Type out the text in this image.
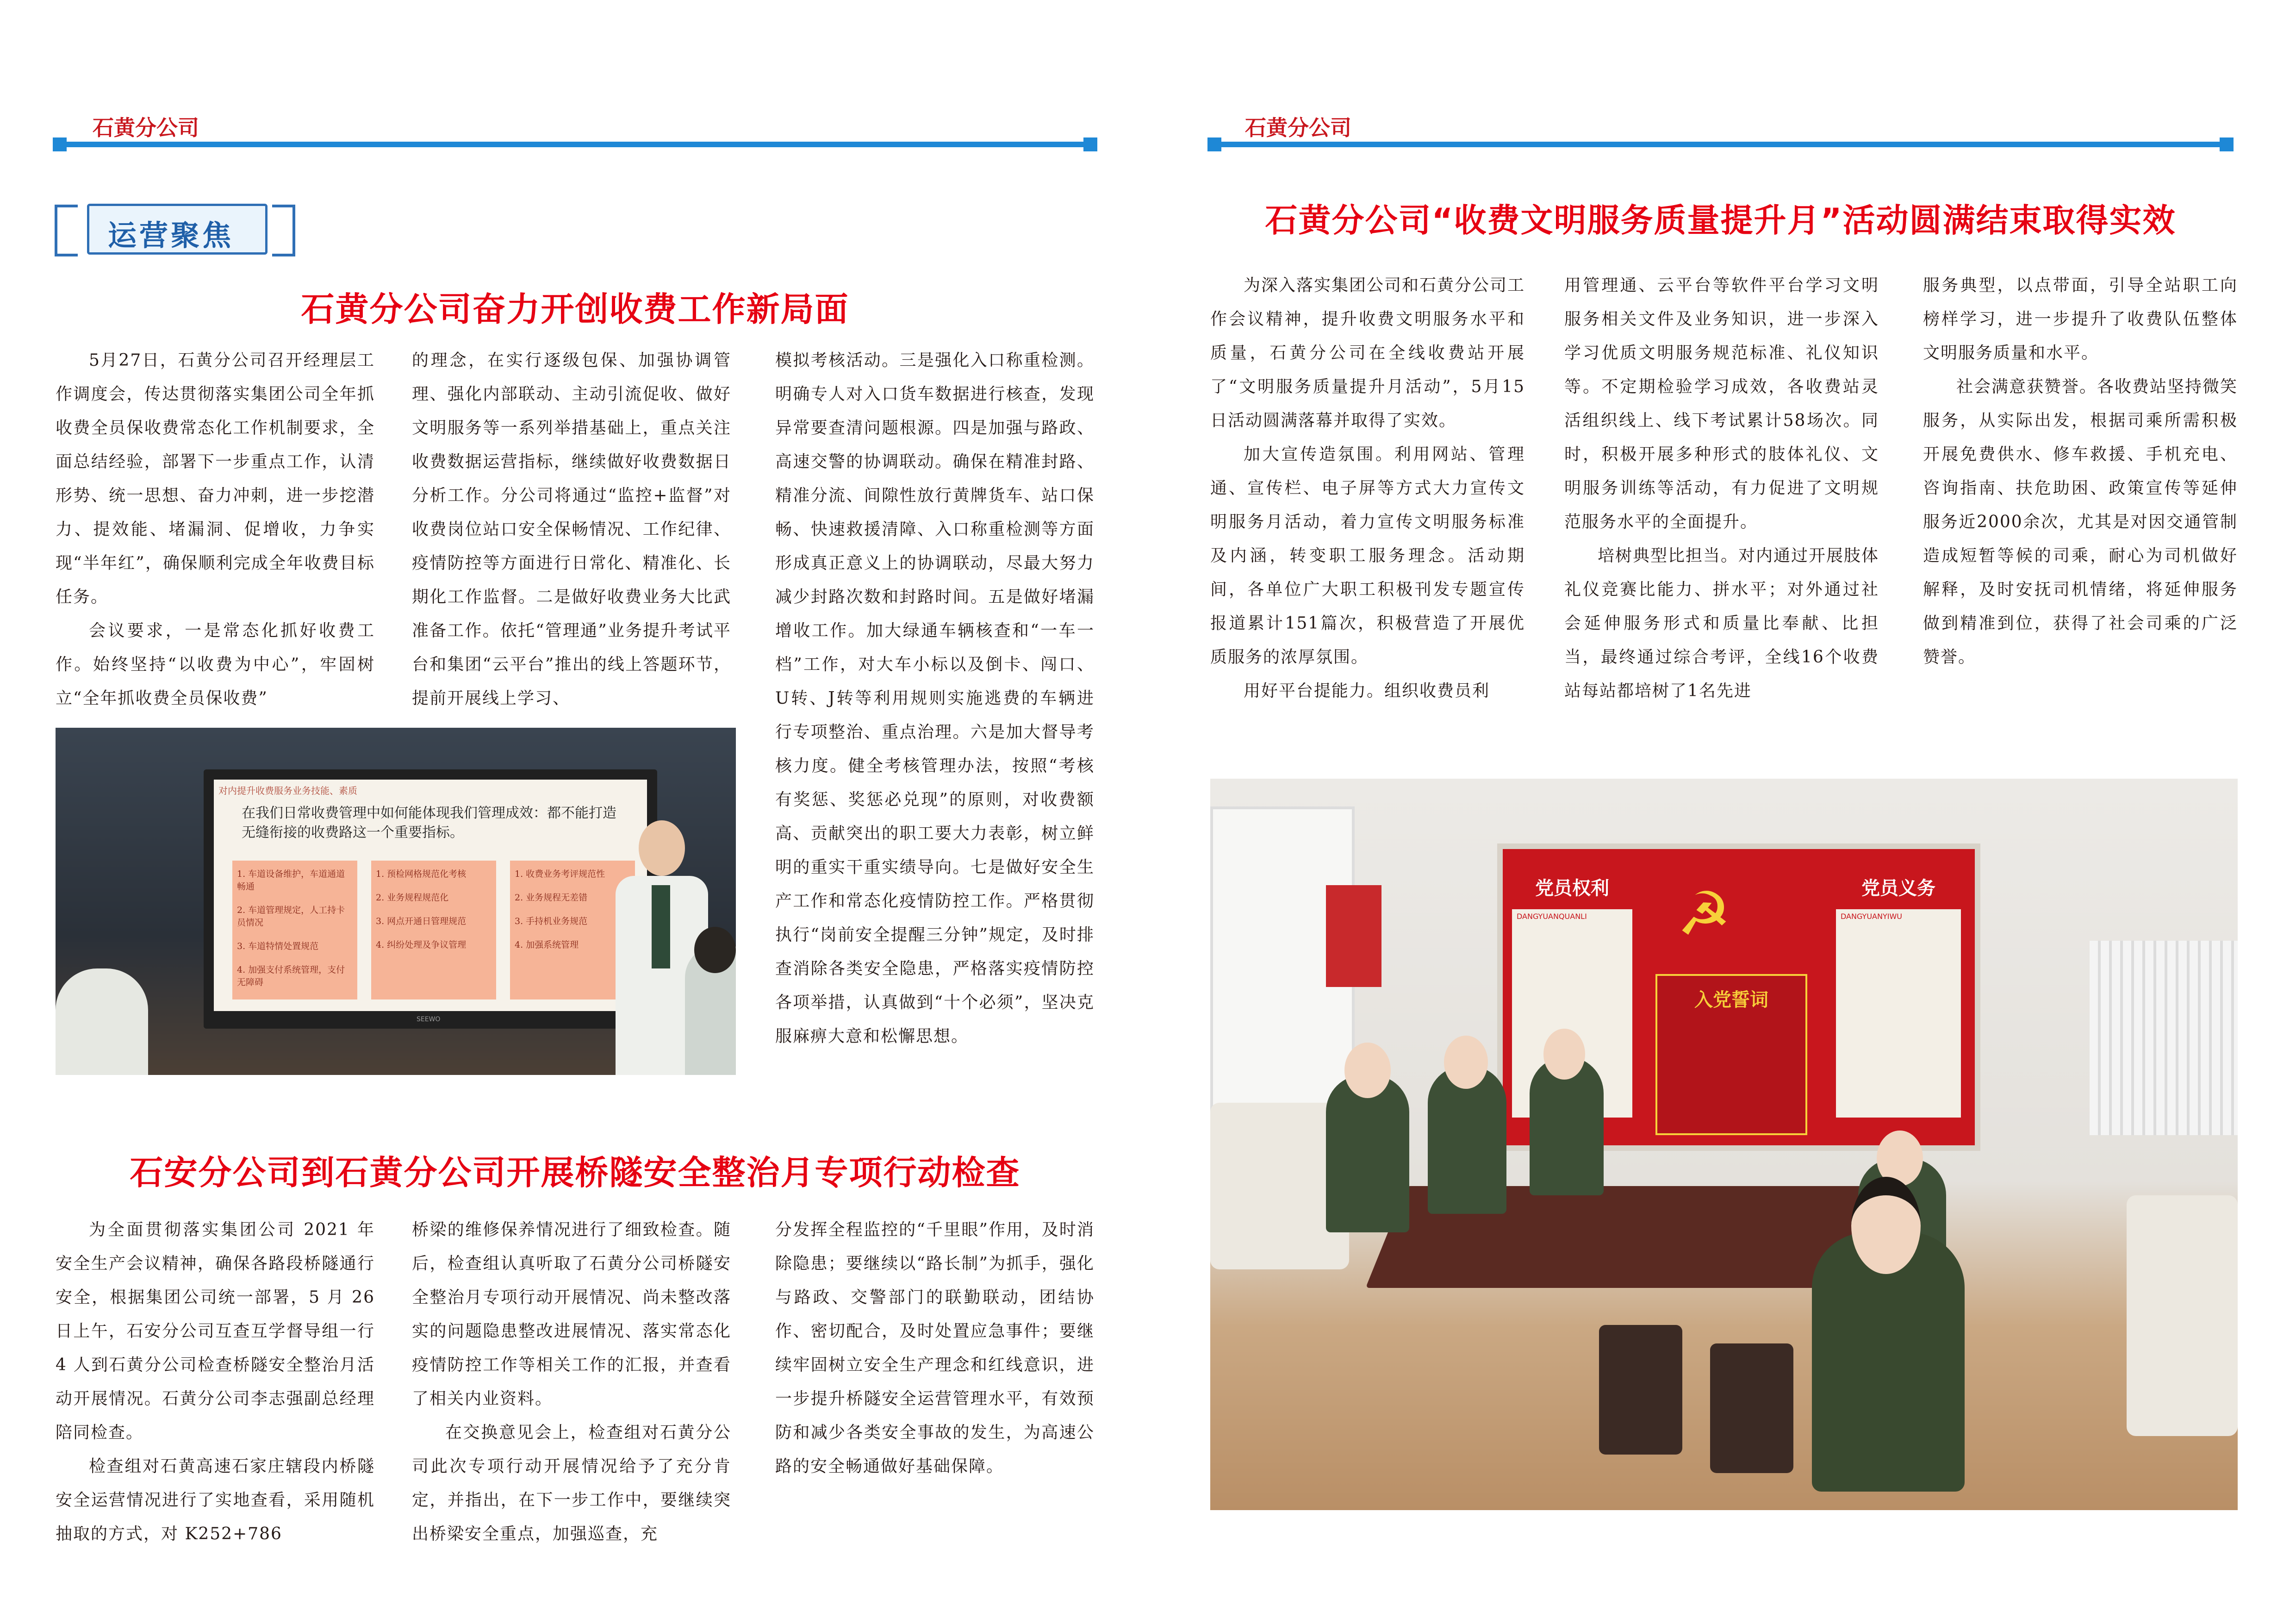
石黄分公司
运营聚焦
石黄分公司奋力开创收费工作新局面

5月27日，石黄分公司召开经理层工作调度会，传达贯彻落实集团公司全年抓收费全员保收费常态化工作机制要求，全面总结经验，部署下一步重点工作，认清形势、统一思想、奋力冲刺，进一步挖潜力、提效能、堵漏洞、促增收，力争实现“半年红”，确保顺利完成全年收费目标任务。

会议要求，一是常态化抓好收费工作。始终坚持“以收费为中心”，牢固树立“全年抓收费全员保收费”

的理念，在实行逐级包保、加强协调管理、强化内部联动、主动引流促收、做好文明服务等一系列举措基础上，重点关注收费数据运营指标，继续做好收费数据日分析工作。分公司将通过“监控+监督”对收费岗位站口安全保畅情况、工作纪律、疫情防控等方面进行日常化、精准化、长期化工作监督。二是做好收费业务大比武准备工作。依托“管理通”业务提升考试平台和集团“云平台”推出的线上答题环节，提前开展线上学习、

模拟考核活动。三是强化入口称重检测。明确专人对入口货车数据进行核查，发现异常要查清问题根源。四是加强与路政、高速交警的协调联动。确保在精准封路、精准分流、间隙性放行黄牌货车、站口保畅、快速救援清障、入口称重检测等方面形成真正意义上的协调联动，尽最大努力减少封路次数和封路时间。五是做好堵漏增收工作。加大绿通车辆核查和“一车一档”工作，对大车小标以及倒卡、闯口、U转、J转等利用规则实施逃费的车辆进行专项整治、重点治理。六是加大督导考核力度。健全考核管理办法，按照“考核有奖惩、奖惩必兑现”的原则，对收费额高、贡献突出的职工要大力表彰，树立鲜明的重实干重实绩导向。七是做好安全生产工作和常态化疫情防控工作。严格贯彻执行“岗前安全提醒三分钟”规定，及时排查消除各类安全隐患，严格落实疫情防控各项举措，认真做到“十个必须”，坚决克服麻痹大意和松懈思想。

对内提升收费服务业务技能、素质
在我们日常收费管理中如何能体现我们管理成效：都不能打造无缝衔接的收费路这一个重要指标。
1. 车道设备维护，车道通道畅通
2. 车道管理规定，人工持卡员情况
3. 车道特情处置规范
4. 加强支付系统管理，支付无障碍
1. 预检网格规范化考核
2. 业务规程规范化
3. 网点开通日管理规范
4. 纠纷处理及争议管理
1. 收费业务考评规范性
2. 业务规程无差错
3. 手持机业务规范
4. 加强系统管理
SEEWO
石安分公司到石黄分公司开展桥隧安全整治月专项行动检查

为全面贯彻落实集团公司 2021 年安全生产会议精神，确保各路段桥隧通行安全，根据集团公司统一部署，5 月 26 日上午，石安分公司互查互学督导组一行 4 人到石黄分公司检查桥隧安全整治月活动开展情况。石黄分公司李志强副总经理陪同检查。

检查组对石黄高速石家庄辖段内桥隧安全运营情况进行了实地查看，采用随机抽取的方式，对 K252+786

桥梁的维修保养情况进行了细致检查。随后，检查组认真听取了石黄分公司桥隧安全整治月专项行动开展情况、尚未整改落实的问题隐患整改进展情况、落实常态化疫情防控工作等相关工作的汇报，并查看了相关内业资料。

在交换意见会上，检查组对石黄分公司此次专项行动开展情况给予了充分肯定，并指出，在下一步工作中，要继续突出桥梁安全重点，加强巡查，充

分发挥全程监控的“千里眼”作用，及时消除隐患；要继续以“路长制”为抓手，强化与路政、交警部门的联勤联动，团结协作、密切配合，及时处置应急事件；要继续牢固树立安全生产理念和红线意识，进一步提升桥隧安全运营管理水平，有效预防和减少各类安全事故的发生，为高速公路的安全畅通做好基础保障。

石黄分公司
石黄分公司“收费文明服务质量提升月”活动圆满结束取得实效

为深入落实集团公司和石黄分公司工作会议精神，提升收费文明服务水平和质量，石黄分公司在全线收费站开展了“文明服务质量提升月活动”，5月15日活动圆满落幕并取得了实效。

加大宣传造氛围。利用网站、管理通、宣传栏、电子屏等方式大力宣传文明服务月活动，着力宣传文明服务标准及内涵，转变职工服务理念。活动期间，各单位广大职工积极刊发专题宣传报道累计151篇次，积极营造了开展优质服务的浓厚氛围。

用好平台提能力。组织收费员利

用管理通、云平台等软件平台学习文明服务相关文件及业务知识，进一步深入学习优质文明服务规范标准、礼仪知识等。不定期检验学习成效，各收费站灵活组织线上、线下考试累计58场次。同时，积极开展多种形式的肢体礼仪、文明服务训练等活动，有力促进了文明规范服务水平的全面提升。

培树典型比担当。对内通过开展肢体礼仪竞赛比能力、拼水平；对外通过社会延伸服务形式和质量比奉献、比担当，最终通过综合考评，全线16个收费站每站都培树了1名先进

服务典型，以点带面，引导全站职工向榜样学习，进一步提升了收费队伍整体文明服务质量和水平。

社会满意获赞誉。各收费站坚持微笑服务，从实际出发，根据司乘所需积极开展免费供水、修车救援、手机充电、咨询指南、扶危助困、政策宣传等延伸服务近2000余次，尤其是对因交通管制造成短暂等候的司乘，耐心为司机做好解释，及时安抚司机情绪，将延伸服务做到精准到位，获得了社会司乘的广泛赞誉。

党员权利
DANGYUANQUANLI ☭
入党誓词
党员义务
DANGYUANYIWU
